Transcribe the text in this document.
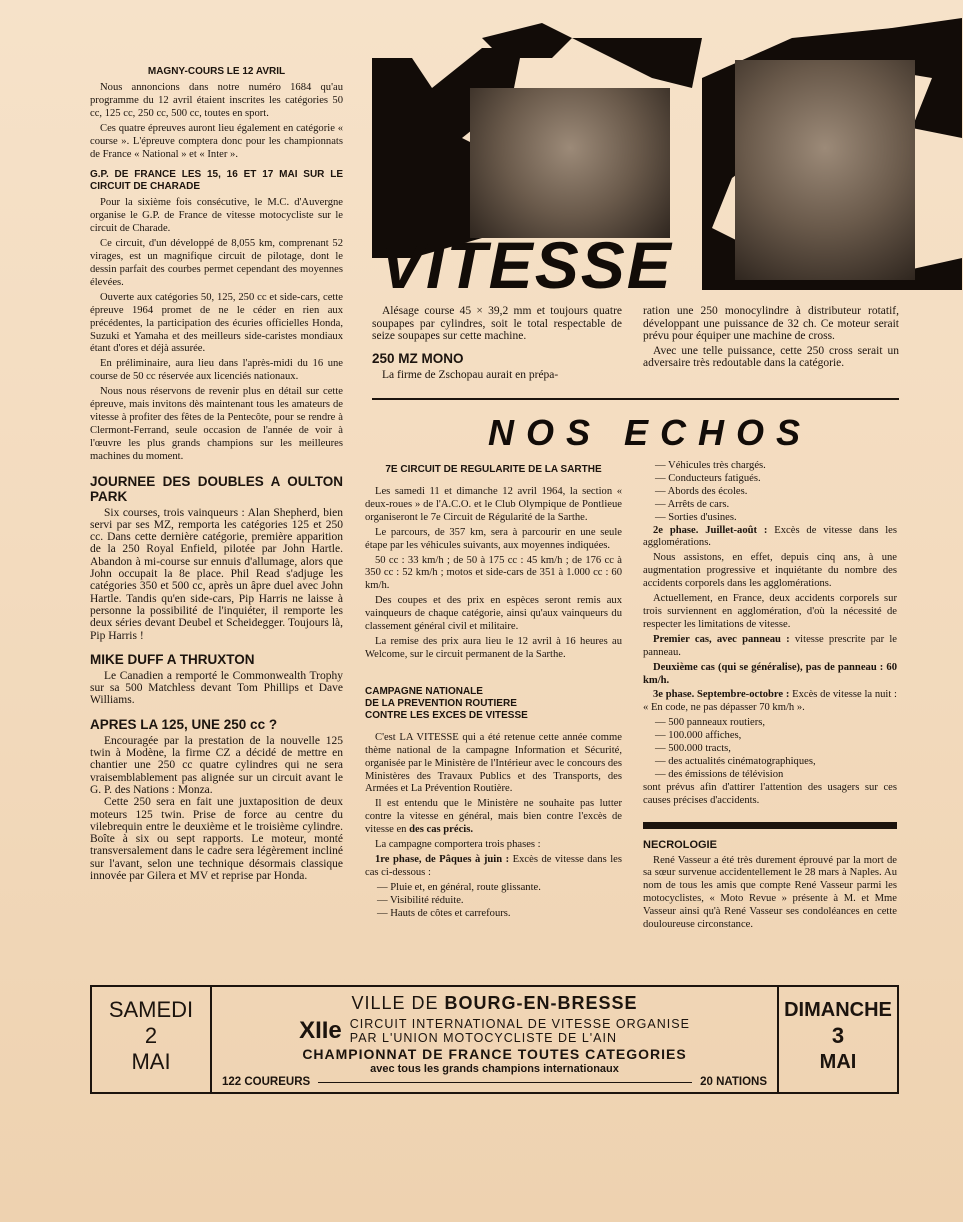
MAGNY-COURS LE 12 AVRIL

Nous annoncions dans notre numéro 1684 qu'au programme du 12 avril étaient inscrites les catégories 50 cc, 125 cc, 250 cc, 500 cc, toutes en sport.

Ces quatre épreuves auront lieu également en catégorie « course ». L'épreuve comptera donc pour les championnats de France « National » et « Inter ».

G.P. DE FRANCE LES 15, 16 ET 17 MAI SUR LE CIRCUIT DE CHARADE

Pour la sixième fois consécutive, le M.C. d'Auvergne organise le G.P. de France de vitesse motocycliste sur le circuit de Charade.

Ce circuit, d'un développé de 8,055 km, comprenant 52 virages, est un magnifique circuit de pilotage, dont le dessin parfait des courbes permet cependant des moyennes élevées.

Ouverte aux catégories 50, 125, 250 cc et side-cars, cette épreuve 1964 promet de ne le céder en rien aux précédentes, la participation des écuries officielles Honda, Suzuki et Yamaha et des meilleurs side-caristes mondiaux étant d'ores et déjà assurée.

En préliminaire, aura lieu dans l'après-midi du 16 une course de 50 cc réservée aux licenciés nationaux.

Nous nous réservons de revenir plus en détail sur cette épreuve, mais invitons dès maintenant tous les amateurs de vitesse à profiter des fêtes de la Pentecôte, pour se rendre à Clermont-Ferrand, seule occasion de l'année de voir à l'œuvre les plus grands champions sur les meilleures machines du moment.

JOURNEE DES DOUBLES A OULTON PARK

Six courses, trois vainqueurs : Alan Shepherd, bien servi par ses MZ, remporta les catégories 125 et 250 cc. Dans cette dernière catégorie, première apparition de la 250 Royal Enfield, pilotée par John Hartle. Abandon à mi-course sur ennuis d'allumage, alors que John occupait la 8e place. Phil Read s'adjuge les catégories 350 et 500 cc, après un âpre duel avec John Hartle. Tandis qu'en side-cars, Pip Harris ne laisse à personne la possibilité de l'inquiéter, il remporte les deux séries devant Deubel et Scheidegger. Toujours là, Pip Harris !

MIKE DUFF A THRUXTON

Le Canadien a remporté le Commonwealth Trophy sur sa 500 Matchless devant Tom Phillips et Dave Williams.

APRES LA 125, UNE 250 cc ?

Encouragée par la prestation de la nouvelle 125 twin à Modène, la firme CZ a décidé de mettre en chantier une 250 cc quatre cylindres qui ne sera vraisemblablement pas alignée sur un circuit avant le G. P. des Nations : Monza.

Cette 250 sera en fait une juxtaposition de deux moteurs 125 twin. Prise de force au centre du vilebrequin entre le deuxième et le troisième cylindre. Boîte à six ou sept rapports. Le moteur, monté transversalement dans le cadre sera légèrement incliné sur l'avant, selon une technique désormais classique innovée par Gilera et MV et reprise par Honda.

VITESSE

Alésage course 45 × 39,2 mm et toujours quatre soupapes par cylindres, soit le total respectable de seize soupapes sur cette machine.

250 MZ MONO

La firme de Zschopau aurait en prépa-

ration une 250 monocylindre à distributeur rotatif, développant une puissance de 32 ch. Ce moteur serait prévu pour équiper une machine de cross.

Avec une telle puissance, cette 250 cross serait un adversaire très redoutable dans la catégorie.

NOS ECHOS
7E CIRCUIT DE REGULARITE DE LA SARTHE

Les samedi 11 et dimanche 12 avril 1964, la section « deux-roues » de l'A.C.O. et le Club Olympique de Pontlieue organiseront le 7e Circuit de Régularité de la Sarthe.

Le parcours, de 357 km, sera à parcourir en une seule étape par les véhicules suivants, aux moyennes indiquées.

50 cc : 33 km/h ; de 50 à 175 cc : 45 km/h ; de 176 cc à 350 cc : 52 km/h ; motos et side-cars de 351 à 1.000 cc : 60 km/h.

Des coupes et des prix en espèces seront remis aux vainqueurs de chaque catégorie, ainsi qu'aux vainqueurs du classement général civil et militaire.

La remise des prix aura lieu le 12 avril à 16 heures au Welcome, sur le circuit permanent de la Sarthe.

CAMPAGNE NATIONALE
DE LA PREVENTION ROUTIERE
CONTRE LES EXCES DE VITESSE

C'est LA VITESSE qui a été retenue cette année comme thème national de la campagne Information et Sécurité, organisée par le Ministère de l'Intérieur avec le concours des Ministères des Travaux Publics et des Transports, des Armées et La Prévention Routière.

Il est entendu que le Ministère ne souhaite pas lutter contre la vitesse en général, mais bien contre l'excès de vitesse en des cas précis.

La campagne comportera trois phases :

1re phase, de Pâques à juin : Excès de vitesse dans les cas ci-dessous :

— Pluie et, en général, route glissante.
— Visibilité réduite.
— Hauts de côtes et carrefours.
— Véhicules très chargés.
— Conducteurs fatigués.
— Abords des écoles.
— Arrêts de cars.
— Sorties d'usines.

2e phase. Juillet-août : Excès de vitesse dans les agglomérations.

Nous assistons, en effet, depuis cinq ans, à une augmentation progressive et inquiétante du nombre des accidents corporels dans les agglomérations.

Actuellement, en France, deux accidents corporels sur trois surviennent en agglomération, d'où la nécessité de respecter les limitations de vitesse.

Premier cas, avec panneau : vitesse prescrite par le panneau.

Deuxième cas (qui se généralise), pas de panneau : 60 km/h.

3e phase. Septembre-octobre : Excès de vitesse la nuit : « En code, ne pas dépasser 70 km/h ».

— 500 panneaux routiers,
— 100.000 affiches,
— 500.000 tracts,
— des actualités cinématographiques,
— des émissions de télévision

sont prévus afin d'attirer l'attention des usagers sur ces causes précises d'accidents.

NECROLOGIE

René Vasseur a été très durement éprouvé par la mort de sa sœur survenue accidentellement le 28 mars à Naples. Au nom de tous les amis que compte René Vasseur parmi les motocyclistes, « Moto Revue » présente à M. et Mme Vasseur ainsi qu'à René Vasseur ses condoléances en cette douloureuse circonstance.

SAMEDI
2
MAI
VILLE DE BOURG-EN-BRESSE
XIIe CIRCUIT INTERNATIONAL DE VITESSE ORGANISE
PAR L'UNION MOTOCYCLISTE DE L'AIN
CHAMPIONNAT DE FRANCE TOUTES CATEGORIES
avec tous les grands champions internationaux
122 COUREURS	20 NATIONS
DIMANCHE
3
MAI
